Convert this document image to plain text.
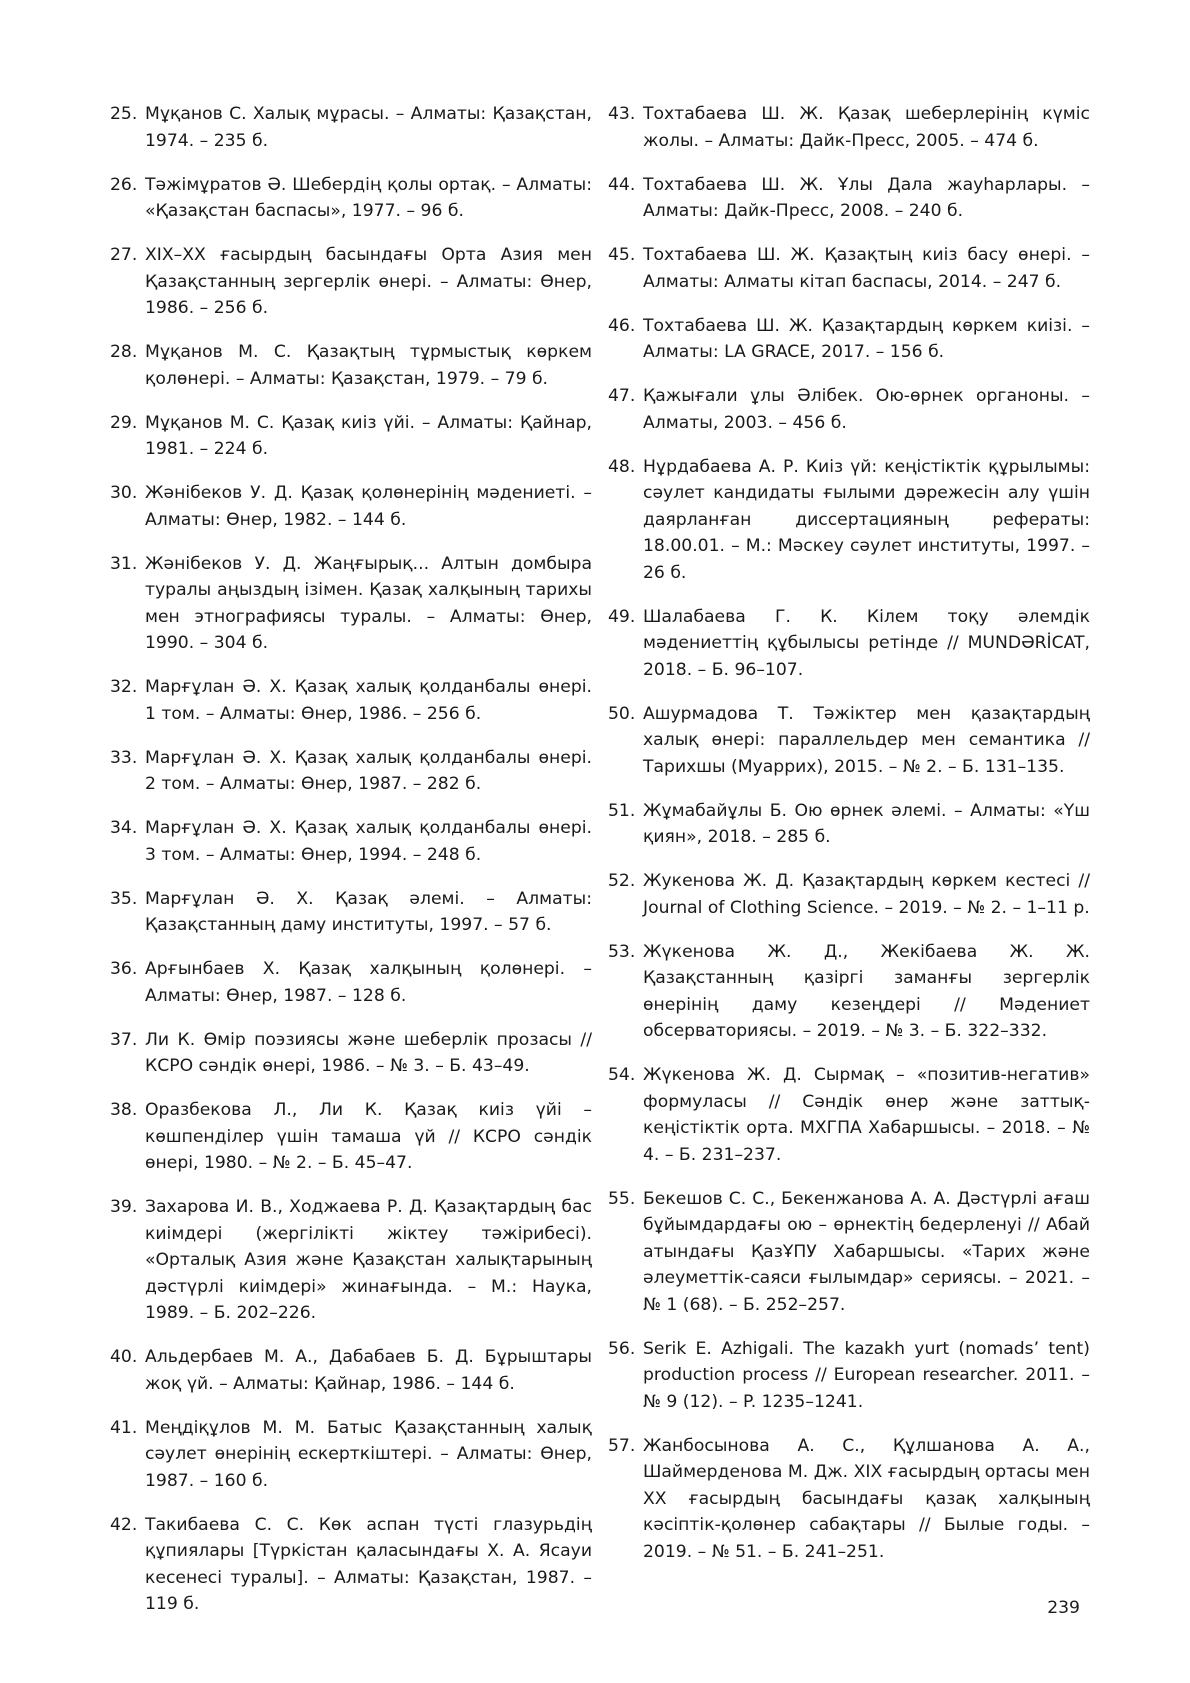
25. Мұқанов С. Халық мұрасы. – Алматы: Қазақстан, 1974. – 235 б.
26. Тәжімұратов Ә. Шебердің қолы ортақ. – Алматы: «Қазақстан баспасы», 1977. – 96 б.
27. XIX–XX ғасырдың басындағы Орта Азия мен Қазақстанның зергерлік өнері. – Алматы: Өнер, 1986. – 256 б.
28. Мұқанов М. С. Қазақтың тұрмыстық көркем қолөнері. – Алматы: Қазақстан, 1979. – 79 б.
29. Мұқанов М. С. Қазақ киіз үйі. – Алматы: Қайнар, 1981. – 224 б.
30. Жәнібеков У. Д. Қазақ қолөнерінің мәдениеті. – Алматы: Өнер, 1982. – 144 б.
31. Жәнібеков У. Д. Жаңғырық... Алтын домбыра туралы аңыздың ізімен. Қазақ халқының тарихы мен этнографиясы туралы. – Алматы: Өнер, 1990. – 304 б.
32. Марғұлан Ә. Х. Қазақ халық қолданбалы өнері. 1 том. – Алматы: Өнер, 1986. – 256 б.
33. Марғұлан Ә. Х. Қазақ халық қолданбалы өнері. 2 том. – Алматы: Өнер, 1987. – 282 б.
34. Марғұлан Ә. Х. Қазақ халық қолданбалы өнері. 3 том. – Алматы: Өнер, 1994. – 248 б.
35. Марғұлан Ә. Х. Қазақ әлемі. – Алматы: Қазақстанның даму институты, 1997. – 57 б.
36. Арғынбаев Х. Қазақ халқының қолөнері. – Алматы: Өнер, 1987. – 128 б.
37. Ли К. Өмір поэзиясы және шеберлік прозасы // КСРО сәндік өнері, 1986. – № 3. – Б. 43–49.
38. Оразбекова Л., Ли К. Қазақ киіз үйі – көшпенділер үшін тамаша үй // КСРО сәндік өнері, 1980. – № 2. – Б. 45–47.
39. Захарова И. В., Ходжаева Р. Д. Қазақтардың бас киімдері (жергілікті жіктеу тәжірибесі). «Орталық Азия және Қазақстан халықтарының дәстүрлі киімдері» жинағында. – М.: Наука, 1989. – Б. 202–226.
40. Альдербаев М. А., Дабабаев Б. Д. Бұрыштары жоқ үй. – Алматы: Қайнар, 1986. – 144 б.
41. Меңдіқұлов М. М. Батыс Қазақстанның халық сәулет өнерінің ескерткіштері. – Алматы: Өнер, 1987. – 160 б.
42. Такибаева С. С. Көк аспан түсті глазурьдің құпиялары [Түркістан қаласындағы Х. А. Ясауи кесенесі туралы]. – Алматы: Қазақстан, 1987. – 119 б.
43. Тохтабаева Ш. Ж. Қазақ шеберлерінің күміс жолы. – Алматы: Дайк-Пресс, 2005. – 474 б.
44. Тохтабаева Ш. Ж. Ұлы Дала жауһарлары. – Алматы: Дайк-Пресс, 2008. – 240 б.
45. Тохтабаева Ш. Ж. Қазақтың киіз басу өнері. – Алматы: Алматы кітап баспасы, 2014. – 247 б.
46. Тохтабаева Ш. Ж. Қазақтардың көркем киізі. – Алматы: LA GRACE, 2017. – 156 б.
47. Қажығали ұлы Әлібек. Ою-өрнек органоны. – Алматы, 2003. – 456 б.
48. Нұрдабаева А. Р. Киіз үй: кеңістіктік құрылымы: сәулет кандидаты ғылыми дәрежесін алу үшін даярланған диссертацияның рефераты: 18.00.01. – М.: Мәскеу сәулет институты, 1997. – 26 б.
49. Шалабаева Г. К. Кілем тоқу әлемдік мәдениеттің құбылысы ретінде // MUNDƏRİCAT, 2018. – Б. 96–107.
50. Ашурмадова Т. Тәжіктер мен қазақтардың халық өнері: параллельдер мен семантика // Тарихшы (Муаррих), 2015. – № 2. – Б. 131–135.
51. Жұмабайұлы Б. Ою өрнек әлемі. – Алматы: «Үш қиян», 2018. – 285 б.
52. Жукенова Ж. Д. Қазақтардың көркем кестесі // Journal of Clothing Science. – 2019. – № 2. – 1–11 p.
53. Жүкенова Ж. Д., Жекібаева Ж. Ж. Қазақстанның қазіргі заманғы зергерлік өнерінің даму кезеңдері // Мәдениет обсерваториясы. – 2019. – № 3. – Б. 322–332.
54. Жүкенова Ж. Д. Сырмақ – «позитив-негатив» формуласы // Сәндік өнер және заттық-кеңістіктік орта. МХГПА Хабаршысы. – 2018. – № 4. – Б. 231–237.
55. Бекешов С. С., Бекенжанова А. А. Дәстүрлі ағаш бұйымдардағы ою – өрнектің бедерленуі // Абай атындағы ҚазҰПУ Хабаршысы. «Тарих және әлеуметтік-саяси ғылымдар» сериясы. – 2021. – № 1 (68). – Б. 252–257.
56. Serik E. Azhigali. The kazakh yurt (nomads’ tent) production process // European researcher. 2011. – № 9 (12). – P. 1235–1241.
57. Жанбосынова А. С., Құлшанова А. А., Шаймерденова М. Дж. XIX ғасырдың ортасы мен XX ғасырдың басындағы қазақ халқының кәсіптік-қолөнер сабақтары // Былые годы. – 2019. – № 51. – Б. 241–251.
239
